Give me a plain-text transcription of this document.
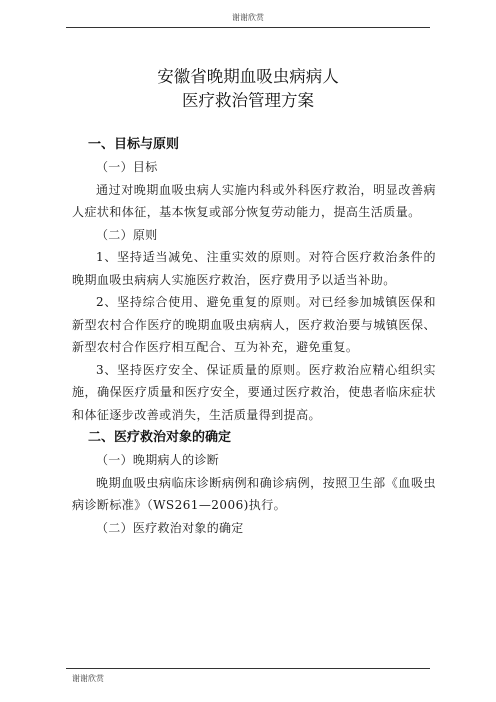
谢谢欣赏
安徽省晚期血吸虫病病人
医疗救治管理方案
一、目标与原则
（一）目标
通过对晚期血吸虫病人实施内科或外科医疗救治，明显改善病人症状和体征，基本恢复或部分恢复劳动能力，提高生活质量。
（二）原则
1、坚持适当减免、注重实效的原则。对符合医疗救治条件的晚期血吸虫病病人实施医疗救治，医疗费用予以适当补助。
2、坚持综合使用、避免重复的原则。对已经参加城镇医保和新型农村合作医疗的晚期血吸虫病病人，医疗救治要与城镇医保、新型农村合作医疗相互配合、互为补充，避免重复。
3、坚持医疗安全、保证质量的原则。医疗救治应精心组织实施，确保医疗质量和医疗安全，要通过医疗救治，使患者临床症状和体征逐步改善或消失，生活质量得到提高。
二、医疗救治对象的确定
（一）晚期病人的诊断
晚期血吸虫病临床诊断病例和确诊病例，按照卫生部《血吸虫病诊断标准》（WS261—2006)执行。
（二）医疗救治对象的确定
谢谢欣赏
